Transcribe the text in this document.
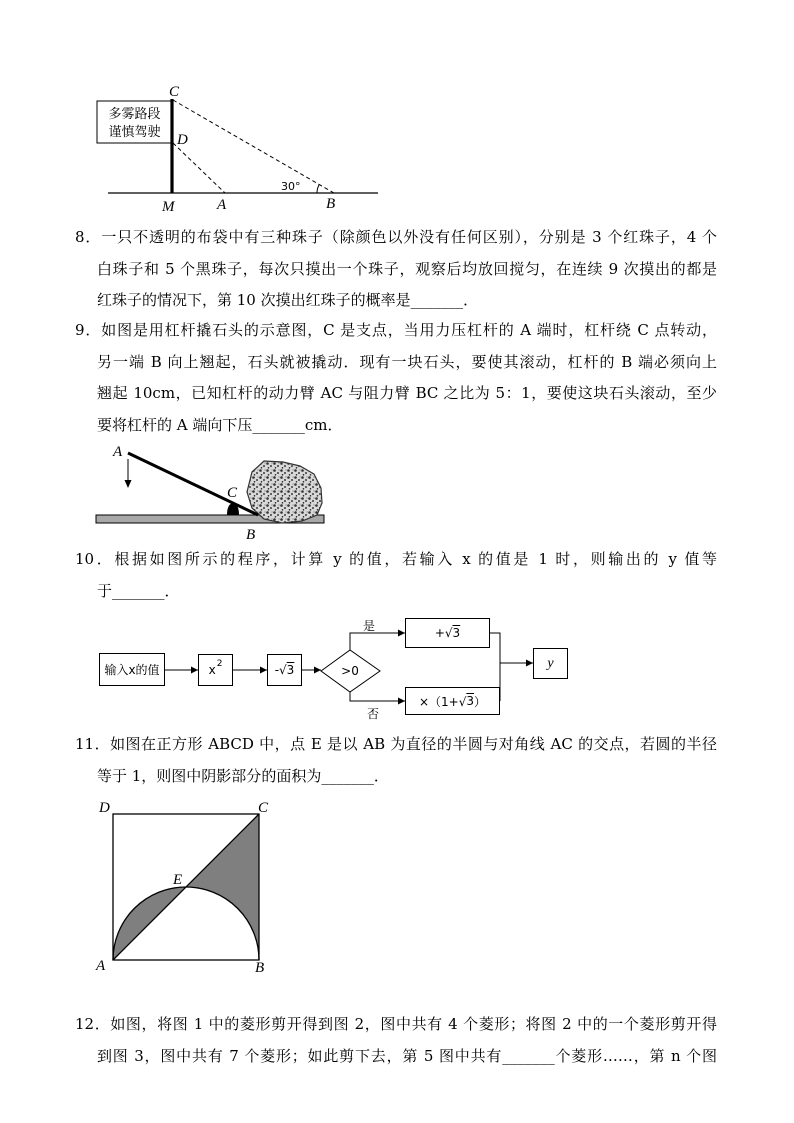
多雾路段
谨慎驾驶
30°
C
D
M	A	B
8．一只不透明的布袋中有三种珠子（除颜色以外没有任何区别），分别是 3 个红珠子，4 个
白珠子和 5 个黑珠子，每次只摸出一个珠子，观察后均放回搅匀，在连续 9 次摸出的都是
红珠子的情况下，第 10 次摸出红珠子的概率是_______．
9．如图是用杠杆撬石头的示意图，C 是支点，当用力压杠杆的 A 端时，杠杆绕 C 点转动，
另一端 B 向上翘起，石头就被撬动．现有一块石头，要使其滚动，杠杆的 B 端必须向上
翘起 10cm，已知杠杆的动力臂 AC 与阻力臂 BC 之比为 5：1，要使这块石头滚动，至少
要将杠杆的 A 端向下压_______cm．
A
C
B
10．根据如图所示的程序，计算 y 的值，若输入 x 的值是 1 时，则输出的 y 值等
于_______．
>0
是
否
输入x的值	x 2	-√ 3
+√ 3
×（1+√ 3 ）
y
11．如图在正方形 ABCD 中，点 E 是以 AB 为直径的半圆与对角线 AC 的交点，若圆的半径
等于 1，则图中阴影部分的面积为_______．
D	C
E
A	B
12．如图，将图 1 中的菱形剪开得到图 2，图中共有 4 个菱形；将图 2 中的一个菱形剪开得
到图 3，图中共有 7 个菱形；如此剪下去，第 5 图中共有_______个菱形……，第 n 个图
